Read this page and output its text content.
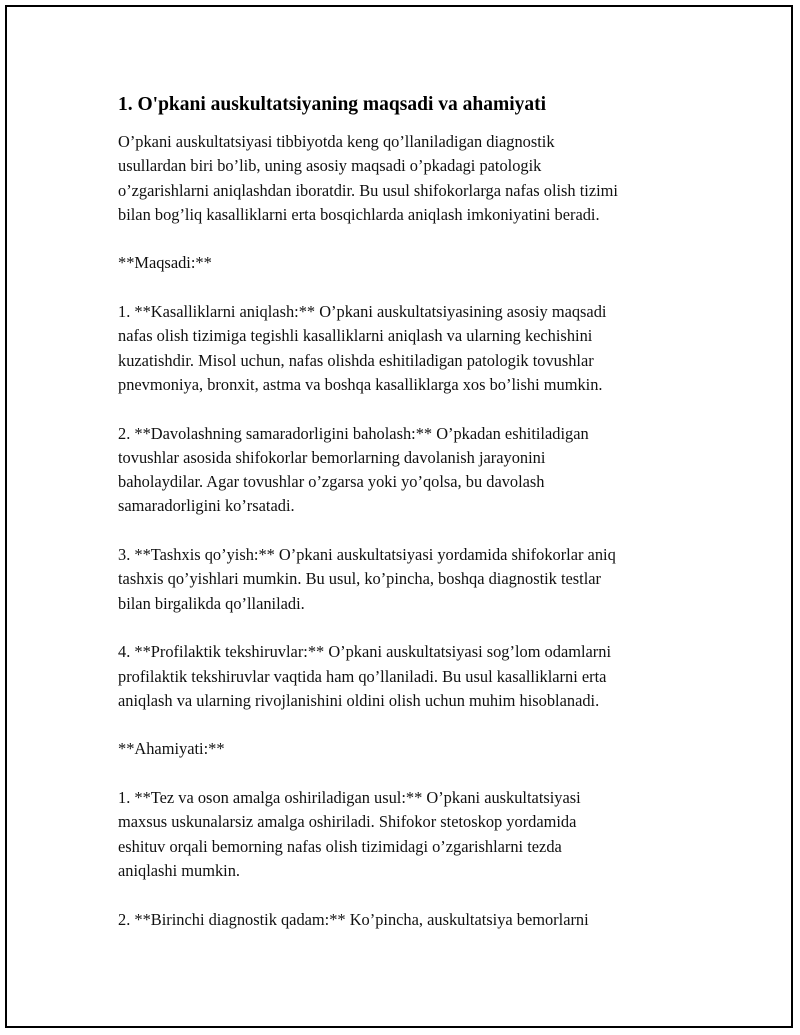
1. O'pkani auskultatsiyaning maqsadi va ahamiyati

O’pkani auskultatsiyasi tibbiyotda keng qo’llaniladigan diagnostik
usullardan biri bo’lib, uning asosiy maqsadi o’pkadagi patologik
o’zgarishlarni aniqlashdan iboratdir. Bu usul shifokorlarga nafas olish tizimi
bilan bog’liq kasalliklarni erta bosqichlarda aniqlash imkoniyatini beradi.

**Maqsadi:**

1. **Kasalliklarni aniqlash:** O’pkani auskultatsiyasining asosiy maqsadi
nafas olish tizimiga tegishli kasalliklarni aniqlash va ularning kechishini
kuzatishdir. Misol uchun, nafas olishda eshitiladigan patologik tovushlar
pnevmoniya, bronxit, astma va boshqa kasalliklarga xos bo’lishi mumkin.

2. **Davolashning samaradorligini baholash:** O’pkadan eshitiladigan
tovushlar asosida shifokorlar bemorlarning davolanish jarayonini
baholaydilar. Agar tovushlar o’zgarsa yoki yo’qolsa, bu davolash
samaradorligini ko’rsatadi.

3. **Tashxis qo’yish:** O’pkani auskultatsiyasi yordamida shifokorlar aniq
tashxis qo’yishlari mumkin. Bu usul, ko’pincha, boshqa diagnostik testlar
bilan birgalikda qo’llaniladi.

4. **Profilaktik tekshiruvlar:** O’pkani auskultatsiyasi sog’lom odamlarni
profilaktik tekshiruvlar vaqtida ham qo’llaniladi. Bu usul kasalliklarni erta
aniqlash va ularning rivojlanishini oldini olish uchun muhim hisoblanadi.

**Ahamiyati:**

1. **Tez va oson amalga oshiriladigan usul:** O’pkani auskultatsiyasi
maxsus uskunalarsiz amalga oshiriladi. Shifokor stetoskop yordamida
eshituv orqali bemorning nafas olish tizimidagi o’zgarishlarni tezda
aniqlashi mumkin.

2. **Birinchi diagnostik qadam:** Ko’pincha, auskultatsiya bemorlarni
